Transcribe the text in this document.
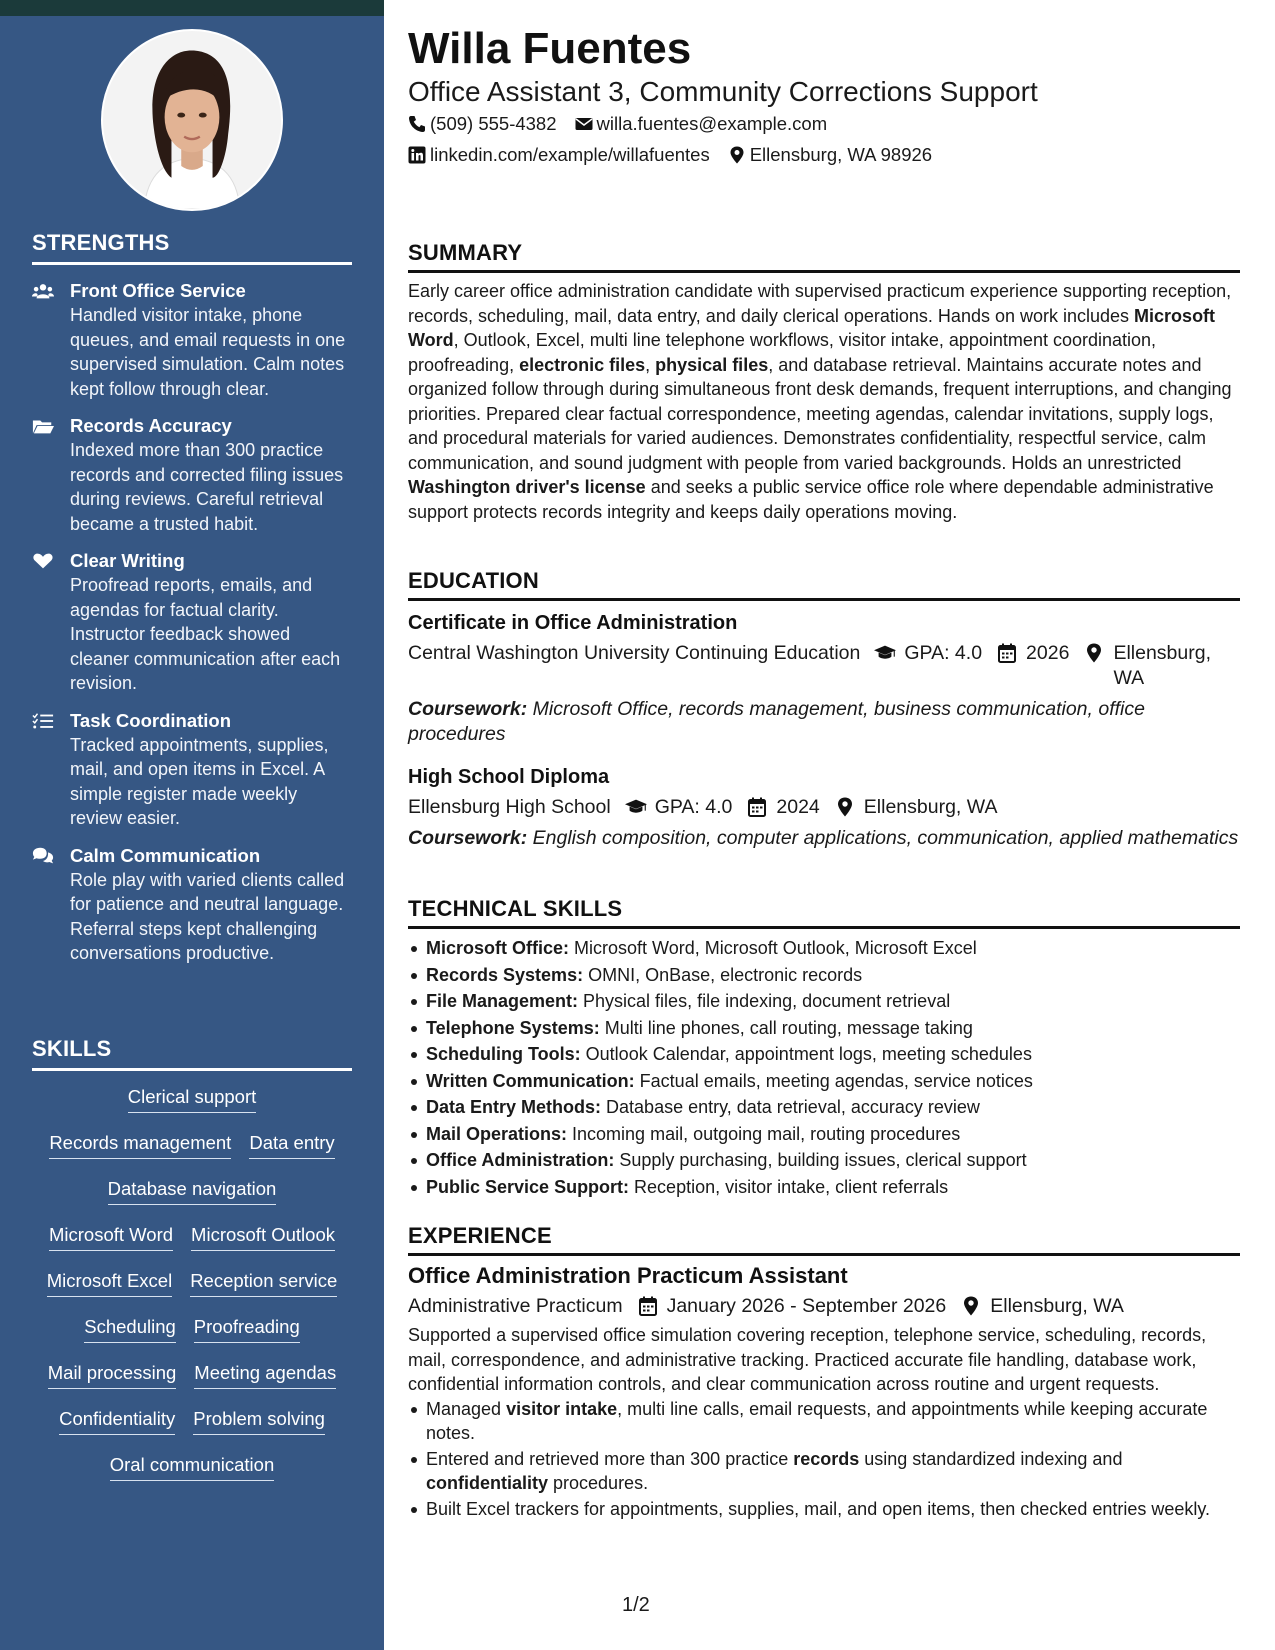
STRENGTHS
Front Office Service
Handled visitor intake, phone queues, and email requests in one supervised simulation. Calm notes kept follow through clear.
Records Accuracy
Indexed more than 300 practice records and corrected filing issues during reviews. Careful retrieval became a trusted habit.
Clear Writing
Proofread reports, emails, and agendas for factual clarity. Instructor feedback showed cleaner communication after each revision.
Task Coordination
Tracked appointments, supplies, mail, and open items in Excel. A simple register made weekly review easier.
Calm Communication
Role play with varied clients called for patience and neutral language. Referral steps kept challenging conversations productive.
SKILLS
Clerical support
Records management Data entry
Database navigation
Microsoft Word Microsoft Outlook
Microsoft Excel Reception service
Scheduling Proofreading
Mail processing Meeting agendas
Confidentiality Problem solving
Oral communication
Willa Fuentes
Office Assistant 3, Community Corrections Support
(509) 555-4382 willa.fuentes@example.com
linkedin.com/example/willafuentes Ellensburg, WA 98926
SUMMARY
Early career office administration candidate with supervised practicum experience supporting reception, records, scheduling, mail, data entry, and daily clerical operations. Hands on work includes Microsoft Word, Outlook, Excel, multi line telephone workflows, visitor intake, appointment coordination, proofreading, electronic files, physical files, and database retrieval. Maintains accurate notes and organized follow through during simultaneous front desk demands, frequent interruptions, and changing priorities. Prepared clear factual correspondence, meeting agendas, calendar invitations, supply logs, and procedural materials for varied audiences. Demonstrates confidentiality, respectful service, calm communication, and sound judgment with people from varied backgrounds. Holds an unrestricted Washington driver's license and seeks a public service office role where dependable administrative support protects records integrity and keeps daily operations moving.
EDUCATION
Certificate in Office Administration
Central Washington University Continuing Education GPA: 4.0 2026 Ellensburg, WA
Coursework: Microsoft Office, records management, business communication, office procedures
High School Diploma
Ellensburg High School GPA: 4.0 2024 Ellensburg, WA
Coursework: English composition, computer applications, communication, applied mathematics
TECHNICAL SKILLS
Microsoft Office: Microsoft Word, Microsoft Outlook, Microsoft Excel
Records Systems: OMNI, OnBase, electronic records
File Management: Physical files, file indexing, document retrieval
Telephone Systems: Multi line phones, call routing, message taking
Scheduling Tools: Outlook Calendar, appointment logs, meeting schedules
Written Communication: Factual emails, meeting agendas, service notices
Data Entry Methods: Database entry, data retrieval, accuracy review
Mail Operations: Incoming mail, outgoing mail, routing procedures
Office Administration: Supply purchasing, building issues, clerical support
Public Service Support: Reception, visitor intake, client referrals
EXPERIENCE
Office Administration Practicum Assistant
Administrative Practicum January 2026 - September 2026 Ellensburg, WA
Supported a supervised office simulation covering reception, telephone service, scheduling, records, mail, correspondence, and administrative tracking. Practiced accurate file handling, database work, confidential information controls, and clear communication across routine and urgent requests.
Managed visitor intake, multi line calls, email requests, and appointments while keeping accurate notes.
Entered and retrieved more than 300 practice records using standardized indexing and confidentiality procedures.
Built Excel trackers for appointments, supplies, mail, and open items, then checked entries weekly.
1/2
